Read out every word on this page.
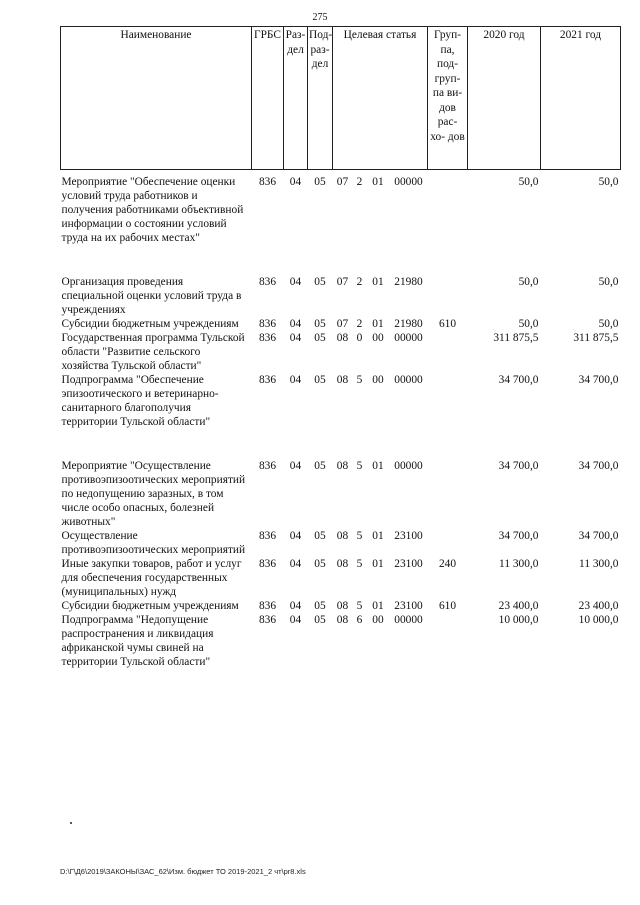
275
Наименование	ГРБС	Раз- дел	Под- раз- дел	Целевая статья				Груп- па, под- груп- па ви- дов рас- хо- дов	2020 год	2021 год
Мероприятие "Обеспечение оценки условий труда работников и получения работниками объективной информации о состоянии условий труда на их рабочих местах"	836	04	05	07	2	01	00000		50,0	50,0
Организация проведения специальной оценки условий труда в учреждениях	836	04	05	07	2	01	21980		50,0	50,0
Субсидии бюджетным учреждениям	836	04	05	07	2	01	21980	610	50,0	50,0
Государственная программа Тульской области "Развитие сельского хозяйства Тульской области"	836	04	05	08	0	00	00000		311 875,5	311 875,5
Подпрограмма "Обеспечение эпизоотического и ветеринарно-санитарного благополучия территории Тульской области"	836	04	05	08	5	00	00000		34 700,0	34 700,0
Мероприятие "Осуществление противоэпизоотических мероприятий по недопущению заразных, в том числе особо опасных, болезней животных"	836	04	05	08	5	01	00000		34 700,0	34 700,0
Осуществление противоэпизоотических мероприятий	836	04	05	08	5	01	23100		34 700,0	34 700,0
Иные закупки товаров, работ и услуг для обеспечения государственных (муниципальных) нужд	836	04	05	08	5	01	23100	240	11 300,0	11 300,0
Субсидии бюджетным учреждениям	836	04	05	08	5	01	23100	610	23 400,0	23 400,0
Подпрограмма "Недопущение распространения и ликвидация африканской чумы свиней на территории Тульской области"	836	04	05	08	6	00	00000		10 000,0	10 000,0
D:\Г\Д6\2019\ЗАКОНЫ\ЗАС_62\Изм. бюджет ТО 2019-2021_2 чт\pr8.xls
